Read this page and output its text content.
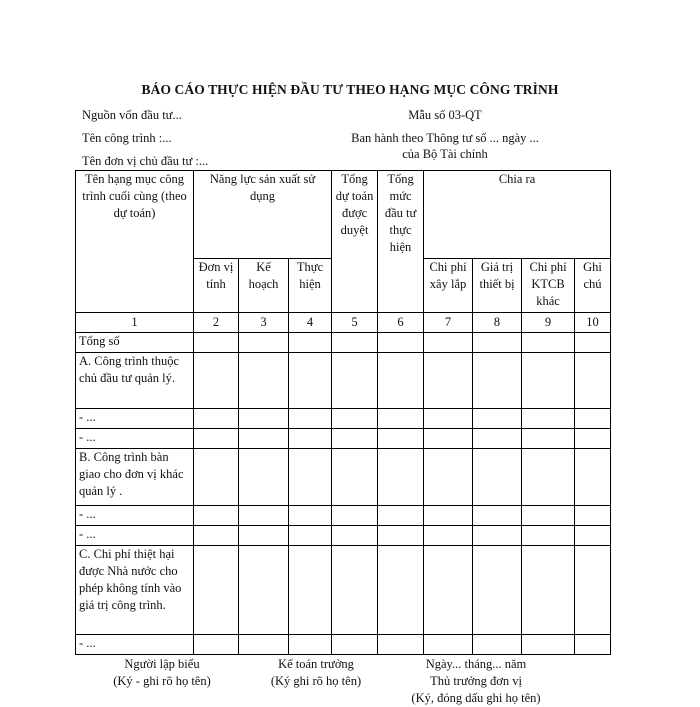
BÁO CÁO THỰC HIỆN ĐẦU TƯ THEO HẠNG MỤC CÔNG TRÌNH
Nguồn vốn đầu tư...
Tên công trình :...
Tên đơn vị chủ đầu tư :...
Mẫu số 03-QT
Ban hành theo Thông tư số ... ngày ...
của Bộ Tài chính
Tên hạng mục công trình cuối cùng (theo dự toán)	Năng lực sản xuất sử dụng			Tổng dự toán được duyệt	Tổng mức đầu tư thực hiện	Chia ra			
	Đơn vị tính	Kế hoạch	Thực hiện			Chi phí xây lắp	Giá trị thiết bị	Chi phí KTCB khác	Ghi chú
1	2	3	4	5	6	7	8	9	10
Tổng số									
A. Công trình thuộc chủ đầu tư quản lý.									
- ...									
- ...									
B. Công trình bàn giao cho đơn vị khác quản lý .									
- ...									
- ...									
C. Chi phí thiệt hại được Nhà nước cho phép không tính vào giá trị công trình.									
- ...									
Người lập biểu
(Ký - ghi rõ họ tên)
Kế toán trưởng
(Ký ghi rõ họ tên)
Ngày... tháng... năm
Thủ trưởng đơn vị
(Ký, đóng dấu ghi họ tên)
